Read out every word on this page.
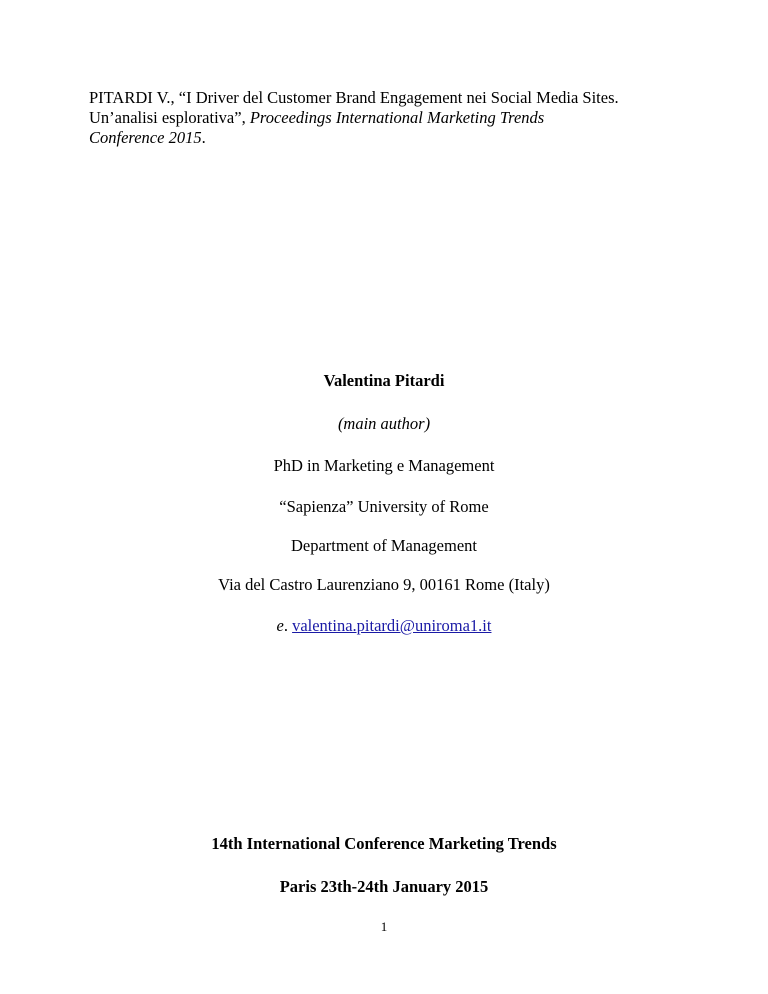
PITARDI V., “I Driver del Customer Brand Engagement nei Social Media Sites.
Un’analisi esplorativa”, Proceedings International Marketing Trends
Conference 2015.
Valentina Pitardi
(main author)
PhD in Marketing e Management
“Sapienza” University of Rome
Department of Management
Via del Castro Laurenziano 9, 00161 Rome (Italy)
e. valentina.pitardi@uniroma1.it
14th International Conference Marketing Trends
Paris 23th-24th January 2015
1
